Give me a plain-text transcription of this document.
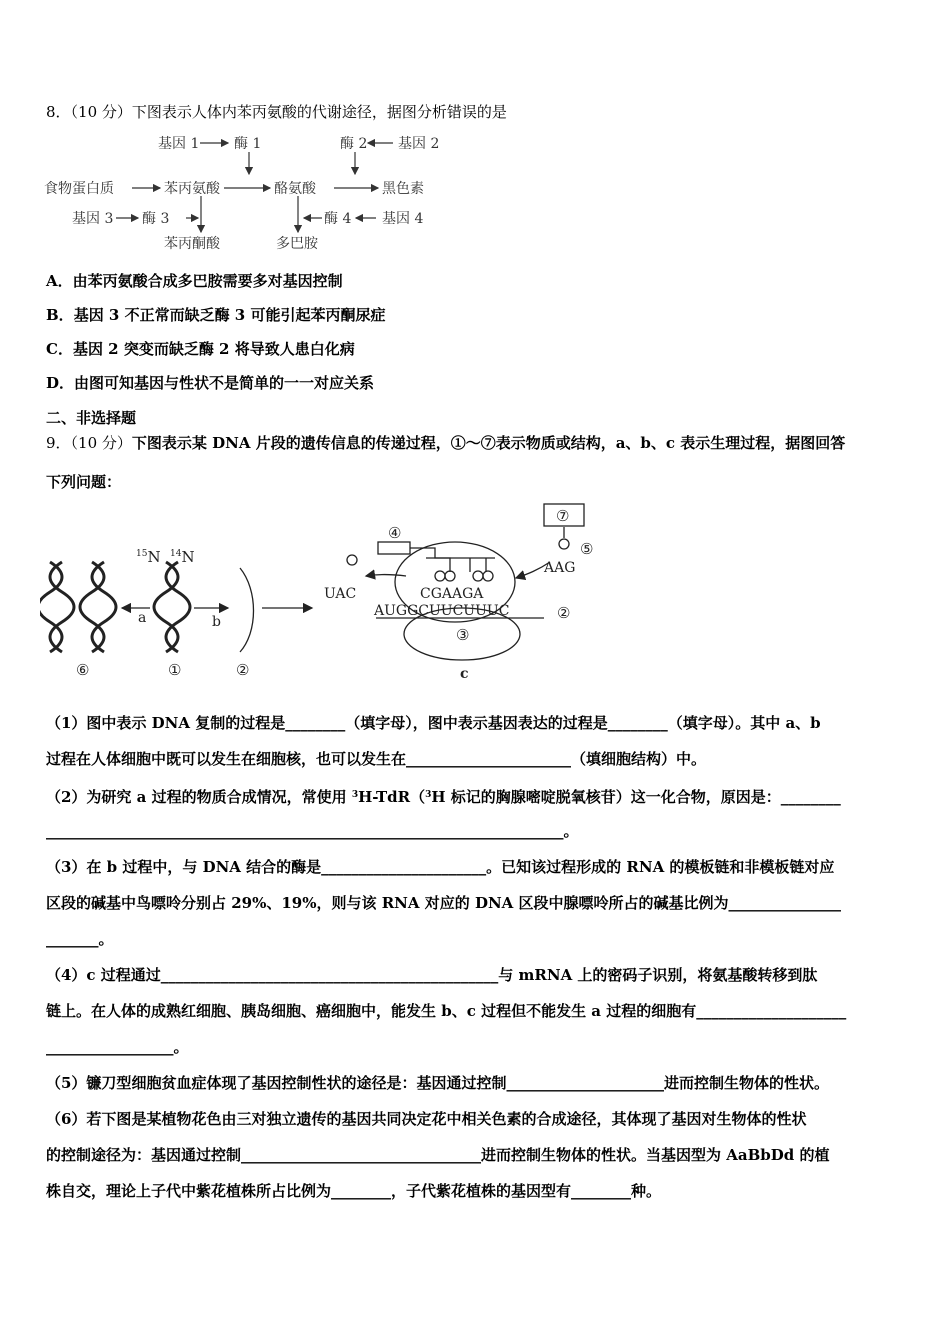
8．（10 分）下图表示人体内苯丙氨酸的代谢途径，据图分析错误的是
基因 1 酶 1	酶 2 基因 2
食物蛋白质	苯丙氨酸	酪氨酸	黑色素
基因 3 酶 3	酶 4 基因 4
苯丙酮酸	多巴胺
A．由苯丙氨酸合成多巴胺需要多对基因控制
B．基因 3 不正常而缺乏酶 3 可能引起苯丙酮尿症
C．基因 2 突变而缺乏酶 2 将导致人患白化病
D．由图可知基因与性状不是简单的一一对应关系
二、非选择题
9．（10 分）下图表示某 DNA 片段的遗传信息的传递过程，①～⑦表示物质或结构，a、b、c 表示生理过程，据图回答
下列问题：
$^{15}$N $^{14}$N
a	b
⑥	①	②
UAC
AAG
CGAAGA
AUGGCUUCUUUC	②
③
④
⑤
⑦
c
（1）图中表示 DNA 复制的过程是________（填字母），图中表示基因表达的过程是________（填字母）。其中 a、b
过程在人体细胞中既可以发生在细胞核，也可以发生在______________________（填细胞结构）中。
（2）为研究 a 过程的物质合成情况，常使用 $^3$H-TdR（$^3$H 标记的胸腺嘧啶脱氧核苷）这一化合物，原因是：________
_____________________________________________________________________。
（3）在 b 过程中，与 DNA 结合的酶是______________________。已知该过程形成的 RNA 的模板链和非模板链对应
区段的碱基中鸟嘌呤分别占 29%、19%，则与该 RNA 对应的 DNA 区段中腺嘌呤所占的碱基比例为_______________
_______。
（4）c 过程通过_____________________________________________与 mRNA 上的密码子识别，将氨基酸转移到肽
链上。在人体的成熟红细胞、胰岛细胞、癌细胞中，能发生 b、c 过程但不能发生 a 过程的细胞有____________________
_________________。
（5）镰刀型细胞贫血症体现了基因控制性状的途径是：基因通过控制_____________________进而控制生物体的性状。
（6）若下图是某植物花色由三对独立遗传的基因共同决定花中相关色素的合成途径，其体现了基因对生物体的性状
的控制途径为：基因通过控制________________________________进而控制生物体的性状。当基因型为 AaBbDd 的植
株自交，理论上子代中紫花植株所占比例为________，子代紫花植株的基因型有________种。
